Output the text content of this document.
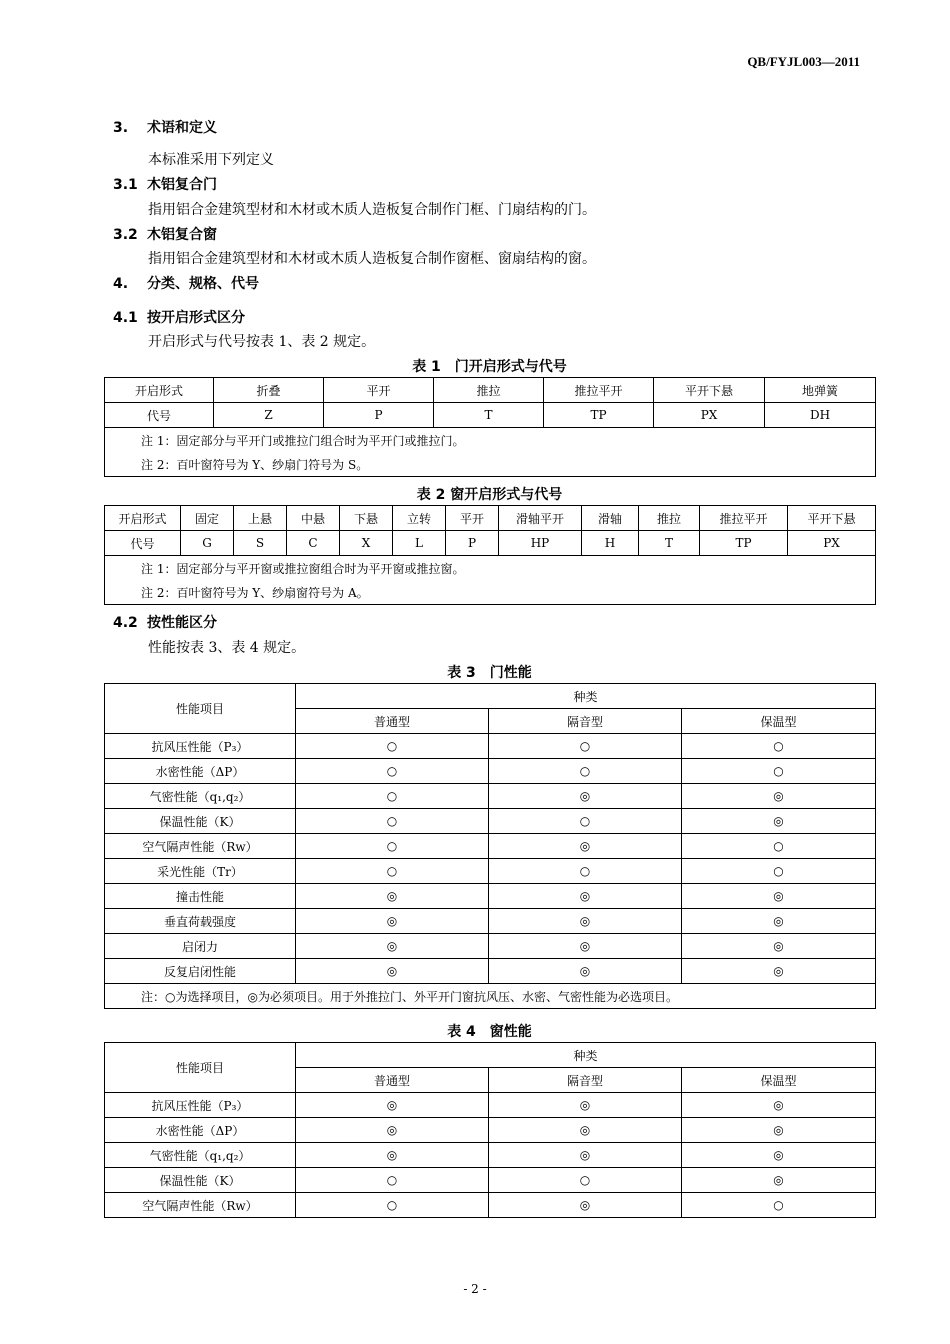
QB/FYJL003—2011
3. 术语和定义
本标准采用下列定义
3.1 木铝复合门
指用铝合金建筑型材和木材或木质人造板复合制作门框、门扇结构的门。
3.2 木铝复合窗
指用铝合金建筑型材和木材或木质人造板复合制作窗框、窗扇结构的窗。
4. 分类、规格、代号
4.1 按开启形式区分
开启形式与代号按表 1、表 2 规定。
表 1　门开启形式与代号
开启形式	折叠	平开	推拉	推拉平开	平开下悬	地弹簧
代号	Z	P	T	TP	PX	DH
注 1：固定部分与平开门或推拉门组合时为平开门或推拉门。						
注 2：百叶窗符号为 Y、纱扇门符号为 S。						
表 2 窗开启形式与代号
开启形式	固定	上悬	中悬	下悬	立转	平开	滑轴平开	滑轴	推拉	推拉平开	平开下悬
代号	G	S	C	X	L	P	HP	H	T	TP	PX
注 1：固定部分与平开窗或推拉窗组合时为平开窗或推拉窗。											
注 2：百叶窗符号为 Y、纱扇窗符号为 A。											
4.2 按性能区分
性能按表 3、表 4 规定。
表 3　门性能
性能项目	种类		
	普通型	隔音型	保温型
抗风压性能（P₃）	○	○	○
水密性能（ΔP）	○	○	○
气密性能（q₁,q₂）	○	◎	◎
保温性能（K）	○	○	◎
空气隔声性能（Rw）	○	◎	○
采光性能（Tr）	○	○	○
撞击性能	◎	◎	◎
垂直荷载强度	◎	◎	◎
启闭力	◎	◎	◎
反复启闭性能	◎	◎	◎
注：○为选择项目，◎为必须项目。用于外推拉门、外平开门窗抗风压、水密、气密性能为必选项目。			
表 4　窗性能
性能项目	种类		
	普通型	隔音型	保温型
抗风压性能（P₃）	◎	◎	◎
水密性能（ΔP）	◎	◎	◎
气密性能（q₁,q₂）	◎	◎	◎
保温性能（K）	○	○	◎
空气隔声性能（Rw）	○	◎	○
- 2 -
